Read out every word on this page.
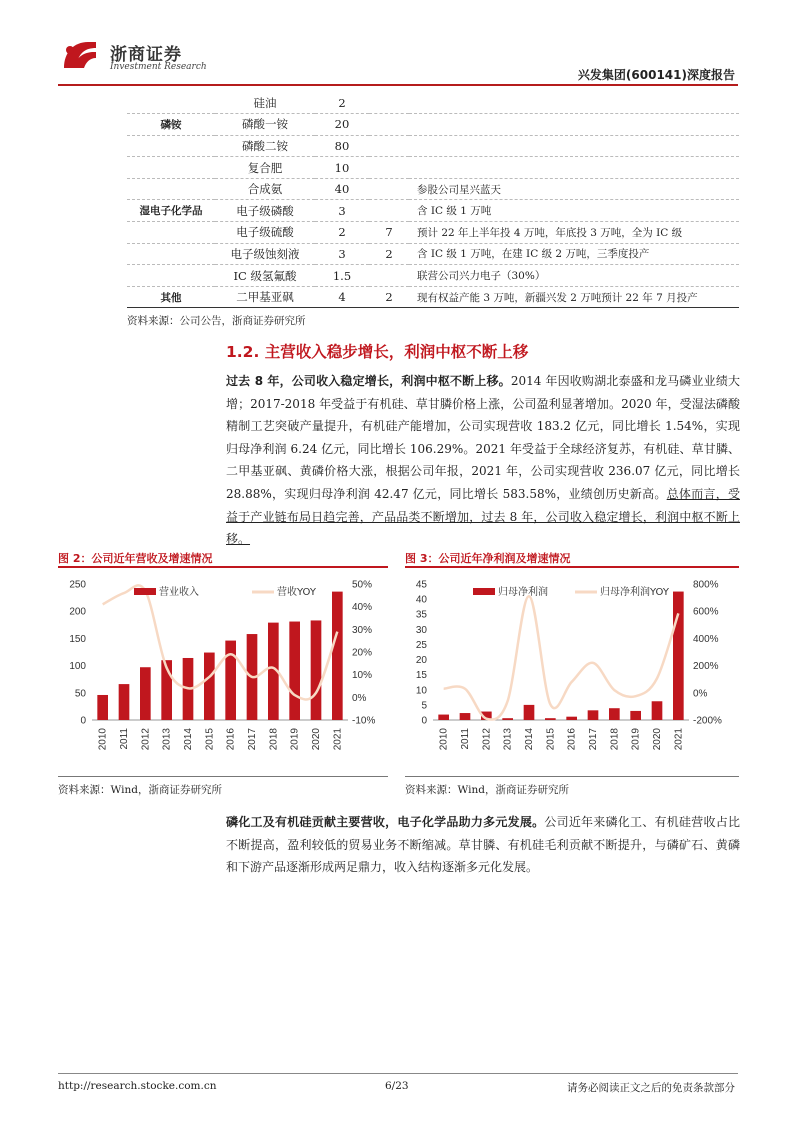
浙商证券
Investment Research
兴发集团(600141)深度报告
	硅油	2		
磷铵	磷酸一铵	20		
	磷酸二铵	80		
	复合肥	10		
	合成氨	40		参股公司星兴蓝天
湿电子化学品	电子级磷酸	3		含 IC 级 1 万吨
	电子级硫酸	2	7	预计 22 年上半年投 4 万吨，年底投 3 万吨，全为 IC 级
	电子级蚀刻液	3	2	含 IC 级 1 万吨，在建 IC 级 2 万吨，三季度投产
	IC 级氢氟酸	1.5		联营公司兴力电子（30%）
其他	二甲基亚砜	4	2	现有权益产能 3 万吨，新疆兴发 2 万吨预计 22 年 7 月投产
资料来源：公司公告，浙商证券研究所
1.2. 主营收入稳步增长，利润中枢不断上移
过去 8 年，公司收入稳定增长，利润中枢不断上移。2014 年因收购湖北泰盛和龙马磷业业绩大增；2017-2018 年受益于有机硅、草甘膦价格上涨，公司盈利显著增加。2020 年，受湿法磷酸精制工艺突破产量提升，有机硅产能增加，公司实现营收 183.2 亿元，同比增长 1.54%，实现归母净利润 6.24 亿元，同比增长 106.29%。2021 年受益于全球经济复苏，有机硅、草甘膦、二甲基亚砜、黄磷价格大涨，根据公司年报，2021 年，公司实现营收 236.07 亿元，同比增长 28.88%，实现归母净利润 42.47 亿元，同比增长 583.58%，业绩创历史新高。总体而言，受益于产业链布局日趋完善，产品品类不断增加，过去 8 年，公司收入稳定增长，利润中枢不断上移。
图 2：公司近年营收及增速情况	图 3：公司近年净利润及增速情况
0
50
100
150
200
250
-10%
0%
10%
20%
30%
40%
50%
2010 2011 2012 2013 2014 2015 2016 2017 2018 2019 2020 2021
营业收入	营收YOY
0
5
10
15
20
25
30
35
40
45
-200%
0%
200%
400%
600%
800%
2010 2011 2012 2013 2014 2015 2016 2017 2018 2019 2020 2021
归母净利润	归母净利润YOY
资料来源：Wind，浙商证券研究所	资料来源：Wind，浙商证券研究所
磷化工及有机硅贡献主要营收，电子化学品助力多元发展。公司近年来磷化工、有机硅营收占比不断提高，盈利较低的贸易业务不断缩减。草甘膦、有机硅毛利贡献不断提升，与磷矿石、黄磷和下游产品逐渐形成两足鼎力，收入结构逐渐多元化发展。
http://research.stocke.com.cn	6/23	请务必阅读正文之后的免责条款部分
